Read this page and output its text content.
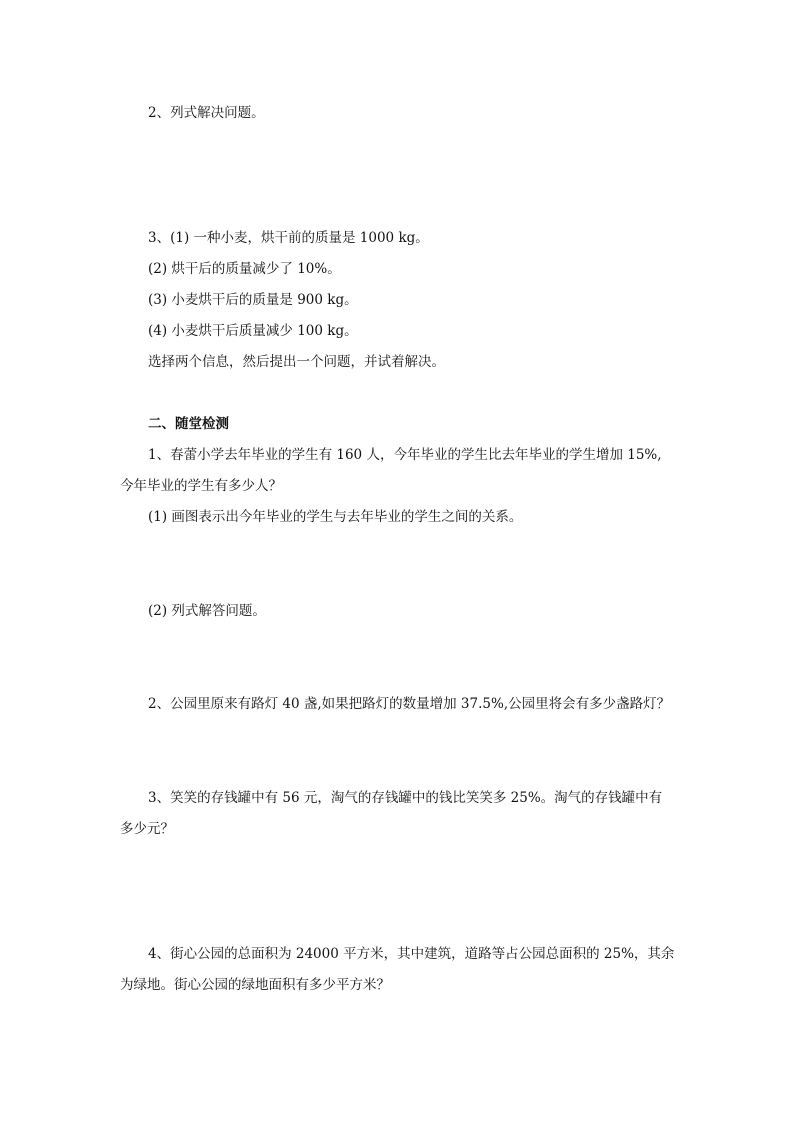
2、列式解决问题。

3、(1) 一种小麦，烘干前的质量是 1000 kg。

(2) 烘干后的质量减少了 10%。

(3) 小麦烘干后的质量是 900 kg。

(4) 小麦烘干后质量减少 100 kg。

选择两个信息，然后提出一个问题，并试着解决。

二、随堂检测

1、春蕾小学去年毕业的学生有 160 人，今年毕业的学生比去年毕业的学生增加 15%,

今年毕业的学生有多少人？

(1) 画图表示出今年毕业的学生与去年毕业的学生之间的关系。

(2) 列式解答问题。

2、公园里原来有路灯 40 盏,如果把路灯的数量增加 37.5%,公园里将会有多少盏路灯？

3、笑笑的存钱罐中有 56 元，淘气的存钱罐中的钱比笑笑多 25%。淘气的存钱罐中有

多少元？

4、街心公园的总面积为 24000 平方米，其中建筑，道路等占公园总面积的 25%，其余

为绿地。街心公园的绿地面积有多少平方米？
